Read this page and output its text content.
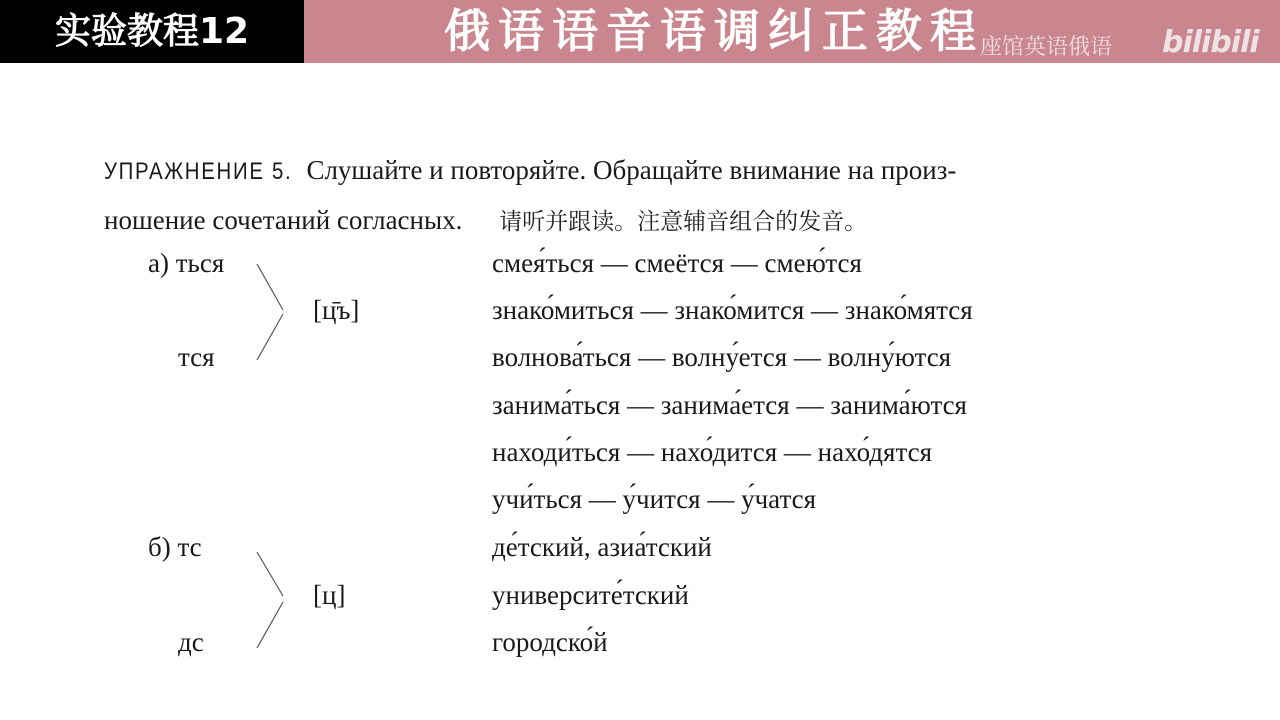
实验教程12	俄语语音语调纠正教程
座馆英语俄语 bilibili
УПРАЖНЕНИЕ 5. Слушайте и повторяйте. Обращайте внимание на произ-
ношение сочетаний согласных. 请听并跟读。注意辅音组合的发音。
а) ться
тся
[ц̄ъ]
смея́ться — смеётся — смею́тся
знако́миться — знако́мится — знако́мятся
волнова́ться — волну́ется — волну́ются
занима́ться — занима́ется — занима́ются
находи́ться — нахо́дится — нахо́дятся
учи́ться — у́чится — у́чатся
б) тс
дс
[ц]
де́тский, азиа́тский
университе́тский
городско́й
